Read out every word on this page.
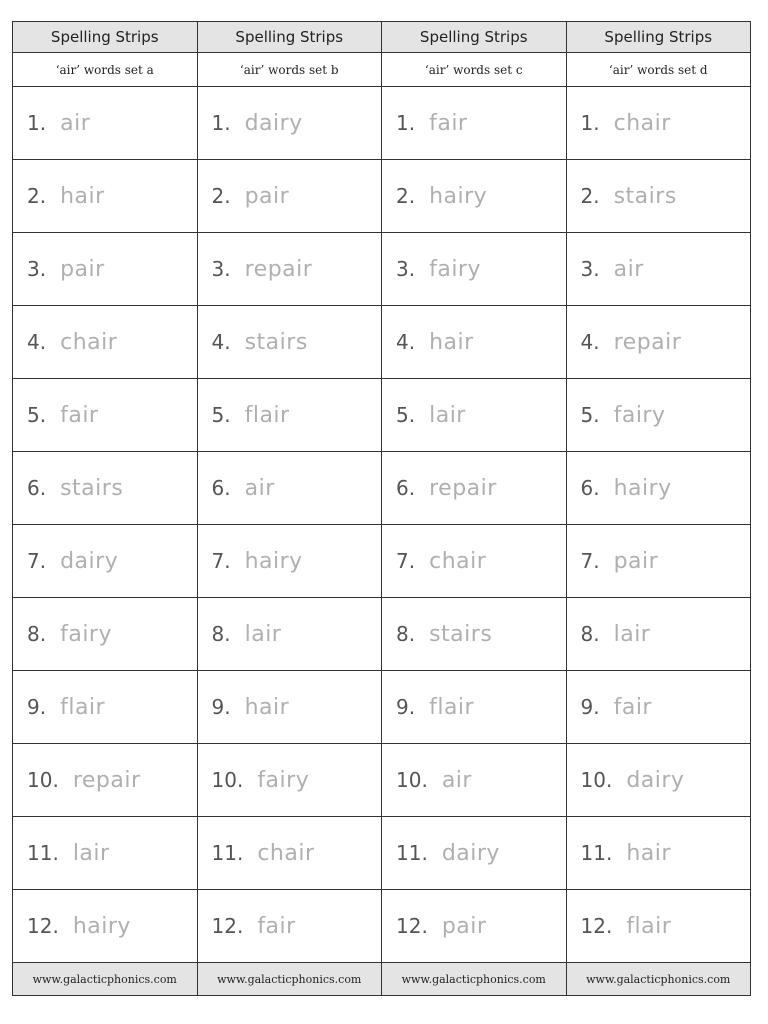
Spelling Strips
‘air’ words set a
1. air
2. hair
3. pair
4. chair
5. fair
6. stairs
7. dairy
8. fairy
9. flair
10. repair
11. lair
12. hairy
www.galacticphonics.com
Spelling Strips
‘air’ words set b
1. dairy
2. pair
3. repair
4. stairs
5. flair
6. air
7. hairy
8. lair
9. hair
10. fairy
11. chair
12. fair
www.galacticphonics.com
Spelling Strips
‘air’ words set c
1. fair
2. hairy
3. fairy
4. hair
5. lair
6. repair
7. chair
8. stairs
9. flair
10. air
11. dairy
12. pair
www.galacticphonics.com
Spelling Strips
‘air’ words set d
1. chair
2. stairs
3. air
4. repair
5. fairy
6. hairy
7. pair
8. lair
9. fair
10. dairy
11. hair
12. flair
www.galacticphonics.com
